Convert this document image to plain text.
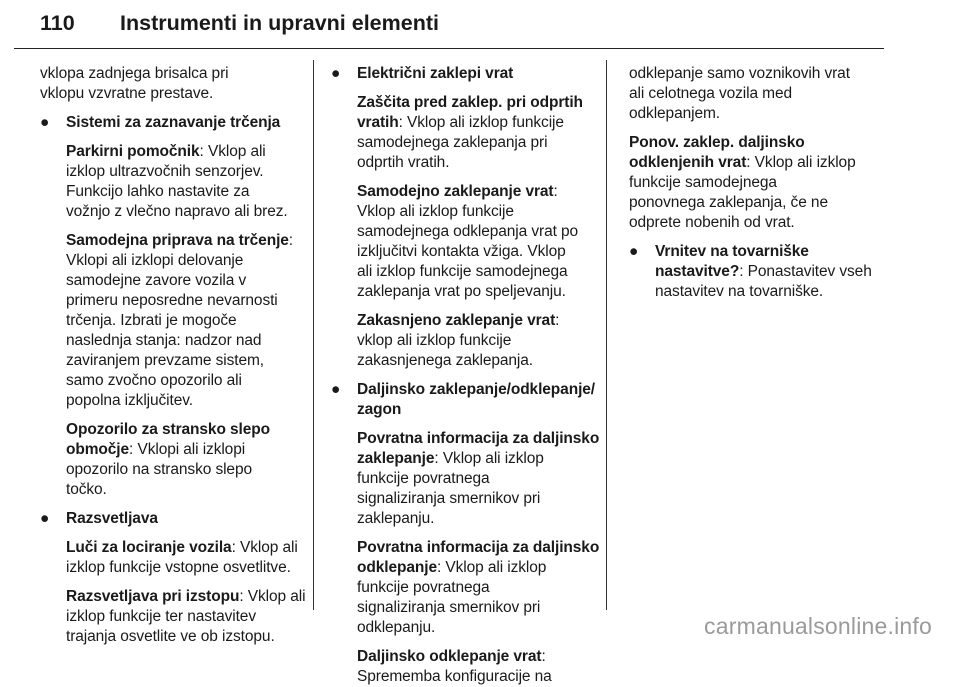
110 Instrumenti in upravni elementi
vklopa zadnjega brisalca pri
vklopu vzvratne prestave.
● Sistemi za zaznavanje trčenja
Parkirni pomočnik: Vklop ali
izklop ultrazvočnih senzorjev.
Funkcijo lahko nastavite za
vožnjo z vlečno napravo ali brez.
Samodejna priprava na trčenje:
Vklopi ali izklopi delovanje
samodejne zavore vozila v
primeru neposredne nevarnosti
trčenja. Izbrati je mogoče
naslednja stanja: nadzor nad
zaviranjem prevzame sistem,
samo zvočno opozorilo ali
popolna izključitev.
Opozorilo za stransko slepo
območje: Vklopi ali izklopi
opozorilo na stransko slepo
točko.
● Razsvetljava
Luči za lociranje vozila: Vklop ali
izklop funkcije vstopne osvetlitve.
Razsvetljava pri izstopu: Vklop ali
izklop funkcije ter nastavitev
trajanja osvetlite ve ob izstopu.
● Električni zaklepi vrat
Zaščita pred zaklep. pri odprtih
vratih: Vklop ali izklop funkcije
samodejnega zaklepanja pri
odprtih vratih.
Samodejno zaklepanje vrat:
Vklop ali izklop funkcije
samodejnega odklepanja vrat po
izključitvi kontakta vžiga. Vklop
ali izklop funkcije samodejnega
zaklepanja vrat po speljevanju.
Zakasnjeno zaklepanje vrat:
vklop ali izklop funkcije
zakasnjenega zaklepanja.
● Daljinsko zaklepanje/odklepanje/
zagon
Povratna informacija za daljinsko
zaklepanje: Vklop ali izklop
funkcije povratnega
signaliziranja smernikov pri
zaklepanju.
Povratna informacija za daljinsko
odklepanje: Vklop ali izklop
funkcije povratnega
signaliziranja smernikov pri
odklepanju.
Daljinsko odklepanje vrat:
Sprememba konfiguracije na
odklepanje samo voznikovih vrat
ali celotnega vozila med
odklepanjem.
Ponov. zaklep. daljinsko
odklenjenih vrat: Vklop ali izklop
funkcije samodejnega
ponovnega zaklepanja, če ne
odprete nobenih od vrat.
● Vrnitev na tovarniške
nastavitve?: Ponastavitev vseh
nastavitev na tovarniške.
carmanualsonline.info
